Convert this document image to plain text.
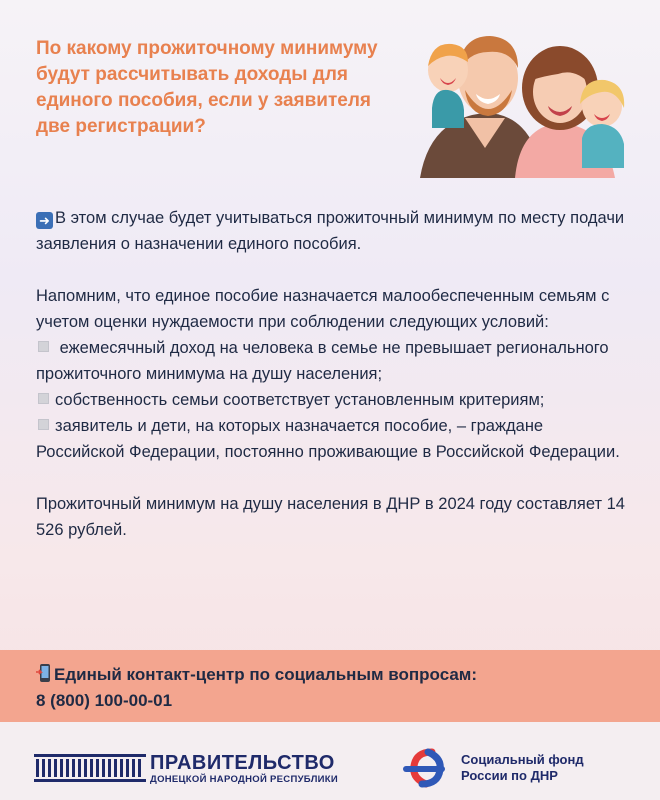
По какому прожиточному минимуму будут рассчитывать доходы для единого пособия, если у заявителя две регистрации?

➜ В этом случае будет учитываться прожиточный минимум по месту подачи заявления о назначении единого пособия.

Напомним, что единое пособие назначается малообеспеченным семьям с учетом оценки нуждаемости при соблюдении следующих условий:

ежемесячный доход на человека в семье не превышает регионального прожиточного минимума на душу населения;

собственность семьи соответствует установленным критериям;

заявитель и дети, на которых назначается пособие, – граждане Российской Федерации, постоянно проживающие в Российской Федерации.

Прожиточный минимум на душу населения в ДНР в 2024 году составляет 14 526 рублей.

Единый контакт-центр по социальным вопросам:
8 (800) 100-00-01
ПРАВИТЕЛЬСТВО
ДОНЕЦКОЙ НАРОДНОЙ РЕСПУБЛИКИ
Социальный фонд
России по ДНР
